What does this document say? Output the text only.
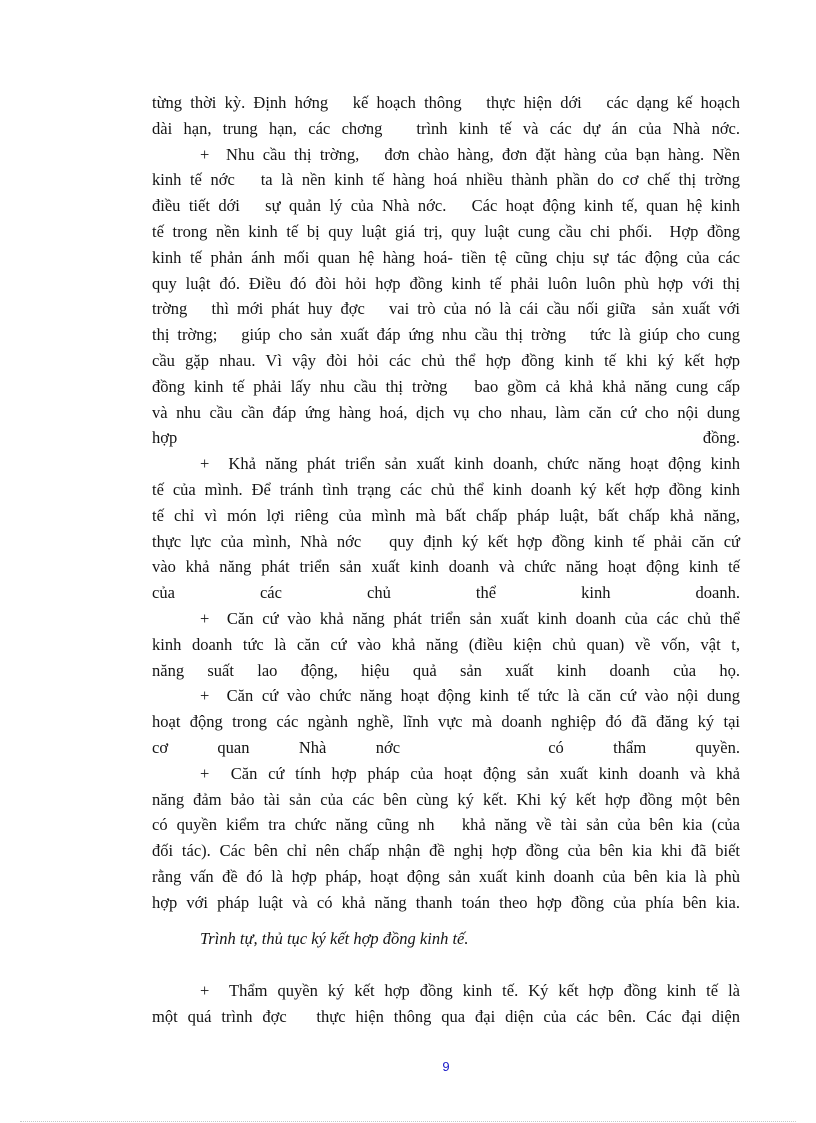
từng thời kỳ. Định hớng   kế hoạch thông   thực hiện dới   các dạng kế hoạch
dài hạn, trung hạn, các chơng   trình kinh tế và các dự án của Nhà nớc.

+  Nhu cầu thị trờng,   đơn chào hàng, đơn đặt hàng của bạn hàng. Nền
kinh tế nớc   ta là nền kinh tế hàng hoá nhiều thành phần do cơ chế thị trờng
điều tiết dới   sự quản lý của Nhà nớc.   Các hoạt động kinh tế, quan hệ kinh
tế trong nền kinh tế bị quy luật giá trị, quy luật cung cầu chi phối.  Hợp đồng
kinh tế phản ánh mối quan hệ hàng hoá- tiền tệ cũng chịu sự tác động của các
quy luật đó. Điều đó đòi hỏi hợp đồng kinh tế phải luôn luôn phù hợp với thị
trờng   thì mới phát huy đợc   vai trò của nó là cái cầu nối giữa  sản xuất với
thị trờng;   giúp cho sản xuất đáp ứng nhu cầu thị trờng   tức là giúp cho cung
cầu gặp nhau. Vì vậy đòi hỏi các chủ thể hợp đồng kinh tế khi ký kết hợp
đồng kinh tế phải lấy nhu cầu thị trờng   bao gồm cả khả khả năng cung cấp
và nhu cầu cần đáp ứng hàng hoá, dịch vụ cho nhau, làm căn cứ cho nội dung
hợp đồng.

+  Khả năng phát triển sản xuất kinh doanh, chức năng hoạt động kinh
tế của mình. Để tránh tình trạng các chủ thể kinh doanh ký kết hợp đồng kinh
tế chỉ vì món lợi riêng của mình mà bất chấp pháp luật, bất chấp khả năng,
thực lực của mình, Nhà nớc   quy định ký kết hợp đồng kinh tế phải căn cứ
vào khả năng phát triển sản xuất kinh doanh và chức năng hoạt động kinh tế
của các chủ thể kinh doanh.

+  Căn cứ vào khả năng phát triển sản xuất kinh doanh của các chủ thể
kinh doanh tức là căn cứ vào khả năng (điều kiện chủ quan) về vốn, vật t,
năng suất lao động, hiệu quả sản xuất kinh doanh của họ.

+  Căn cứ vào chức năng hoạt động kinh tế tức là căn cứ vào nội dung
hoạt động trong các ngành nghề, lĩnh vực mà doanh nghiệp đó đã đăng ký tại
cơ quan Nhà nớc   có thẩm quyền.

+  Căn cứ tính hợp pháp của hoạt động sản xuất kinh doanh và khả
năng đảm bảo tài sản của các bên cùng ký kết. Khi ký kết hợp đồng một bên
có quyền kiểm tra chức năng cũng nh   khả năng về tài sản của bên kia (của
đối tác). Các bên chỉ nên chấp nhận đề nghị hợp đồng của bên kia khi đã biết
rằng vấn đề đó là hợp pháp, hoạt động sản xuất kinh doanh của bên kia là phù
hợp với pháp luật và có khả năng thanh toán theo hợp đồng của phía bên kia.

Trình tự, thủ tục ký kết hợp đồng kinh tế.

+  Thẩm quyền ký kết hợp đồng kinh tế. Ký kết hợp đồng kinh tế là
một quá trình đợc   thực hiện thông qua đại diện của các bên. Các đại diện

9
